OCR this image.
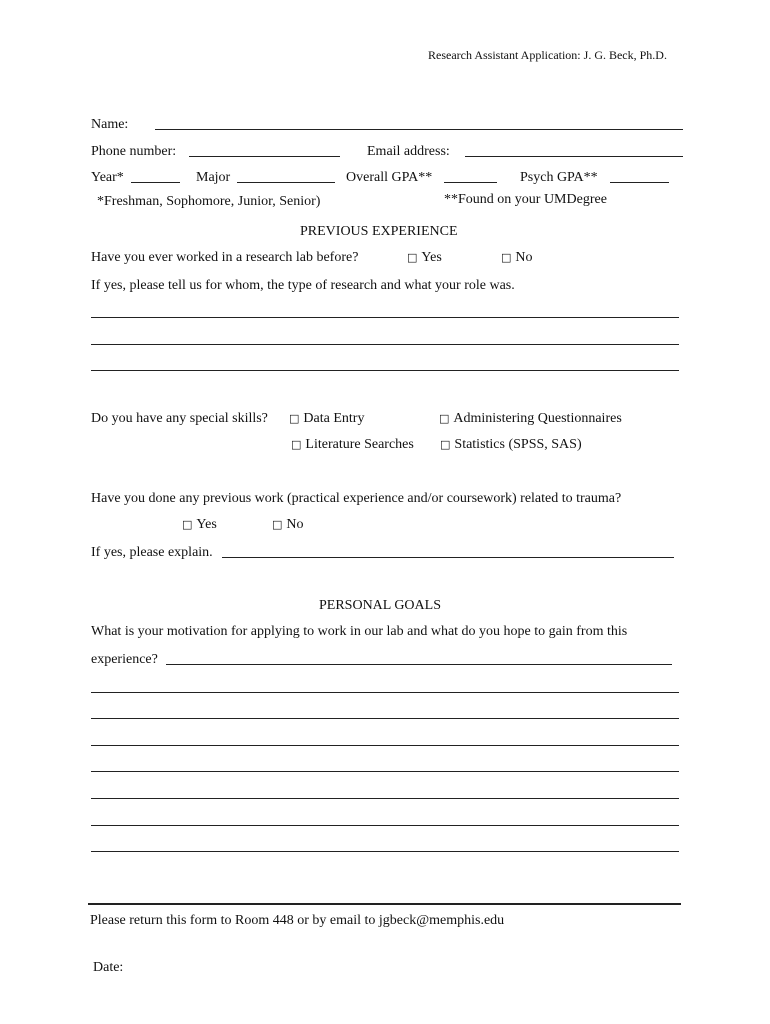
Research Assistant Application: J. G. Beck, Ph.D.
Name:
Phone number:	Email address:
Year*	Major	Overall GPA**	Psych GPA**
*Freshman, Sophomore, Junior, Senior)	**Found on your UMDegree
PREVIOUS EXPERIENCE
Have you ever worked in a research lab before?	□ Yes	□ No
If yes, please tell us for whom, the type of research and what your role was.
Do you have any special skills? □ Data Entry	□ Administering Questionnaires
□ Literature Searches □ Statistics (SPSS, SAS)
Have you done any previous work (practical experience and/or coursework) related to trauma?
□ Yes	□ No
If yes, please explain.
PERSONAL GOALS
What is your motivation for applying to work in our lab and what do you hope to gain from this
experience?
Please return this form to Room 448 or by email to jgbeck@memphis.edu
Date:
